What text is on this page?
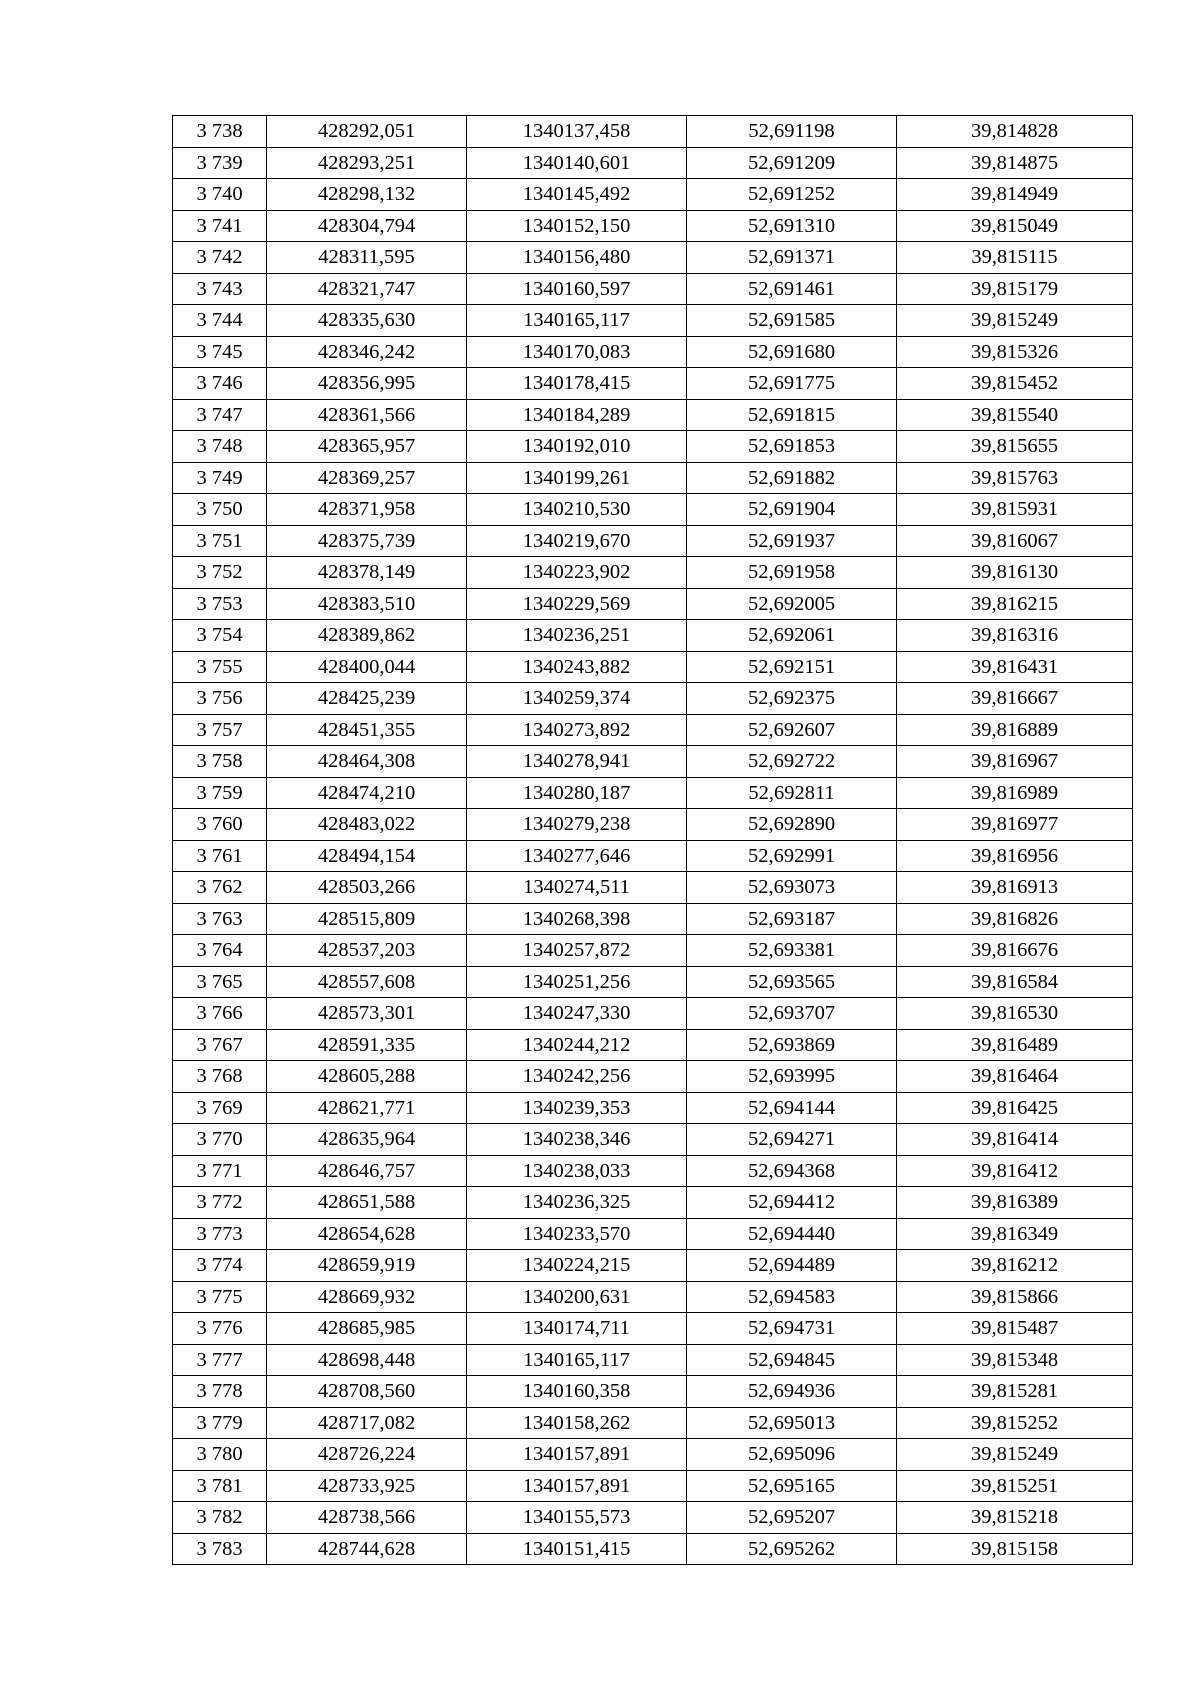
3 738	428292,051	1340137,458	52,691198	39,814828
3 739	428293,251	1340140,601	52,691209	39,814875
3 740	428298,132	1340145,492	52,691252	39,814949
3 741	428304,794	1340152,150	52,691310	39,815049
3 742	428311,595	1340156,480	52,691371	39,815115
3 743	428321,747	1340160,597	52,691461	39,815179
3 744	428335,630	1340165,117	52,691585	39,815249
3 745	428346,242	1340170,083	52,691680	39,815326
3 746	428356,995	1340178,415	52,691775	39,815452
3 747	428361,566	1340184,289	52,691815	39,815540
3 748	428365,957	1340192,010	52,691853	39,815655
3 749	428369,257	1340199,261	52,691882	39,815763
3 750	428371,958	1340210,530	52,691904	39,815931
3 751	428375,739	1340219,670	52,691937	39,816067
3 752	428378,149	1340223,902	52,691958	39,816130
3 753	428383,510	1340229,569	52,692005	39,816215
3 754	428389,862	1340236,251	52,692061	39,816316
3 755	428400,044	1340243,882	52,692151	39,816431
3 756	428425,239	1340259,374	52,692375	39,816667
3 757	428451,355	1340273,892	52,692607	39,816889
3 758	428464,308	1340278,941	52,692722	39,816967
3 759	428474,210	1340280,187	52,692811	39,816989
3 760	428483,022	1340279,238	52,692890	39,816977
3 761	428494,154	1340277,646	52,692991	39,816956
3 762	428503,266	1340274,511	52,693073	39,816913
3 763	428515,809	1340268,398	52,693187	39,816826
3 764	428537,203	1340257,872	52,693381	39,816676
3 765	428557,608	1340251,256	52,693565	39,816584
3 766	428573,301	1340247,330	52,693707	39,816530
3 767	428591,335	1340244,212	52,693869	39,816489
3 768	428605,288	1340242,256	52,693995	39,816464
3 769	428621,771	1340239,353	52,694144	39,816425
3 770	428635,964	1340238,346	52,694271	39,816414
3 771	428646,757	1340238,033	52,694368	39,816412
3 772	428651,588	1340236,325	52,694412	39,816389
3 773	428654,628	1340233,570	52,694440	39,816349
3 774	428659,919	1340224,215	52,694489	39,816212
3 775	428669,932	1340200,631	52,694583	39,815866
3 776	428685,985	1340174,711	52,694731	39,815487
3 777	428698,448	1340165,117	52,694845	39,815348
3 778	428708,560	1340160,358	52,694936	39,815281
3 779	428717,082	1340158,262	52,695013	39,815252
3 780	428726,224	1340157,891	52,695096	39,815249
3 781	428733,925	1340157,891	52,695165	39,815251
3 782	428738,566	1340155,573	52,695207	39,815218
3 783	428744,628	1340151,415	52,695262	39,815158
